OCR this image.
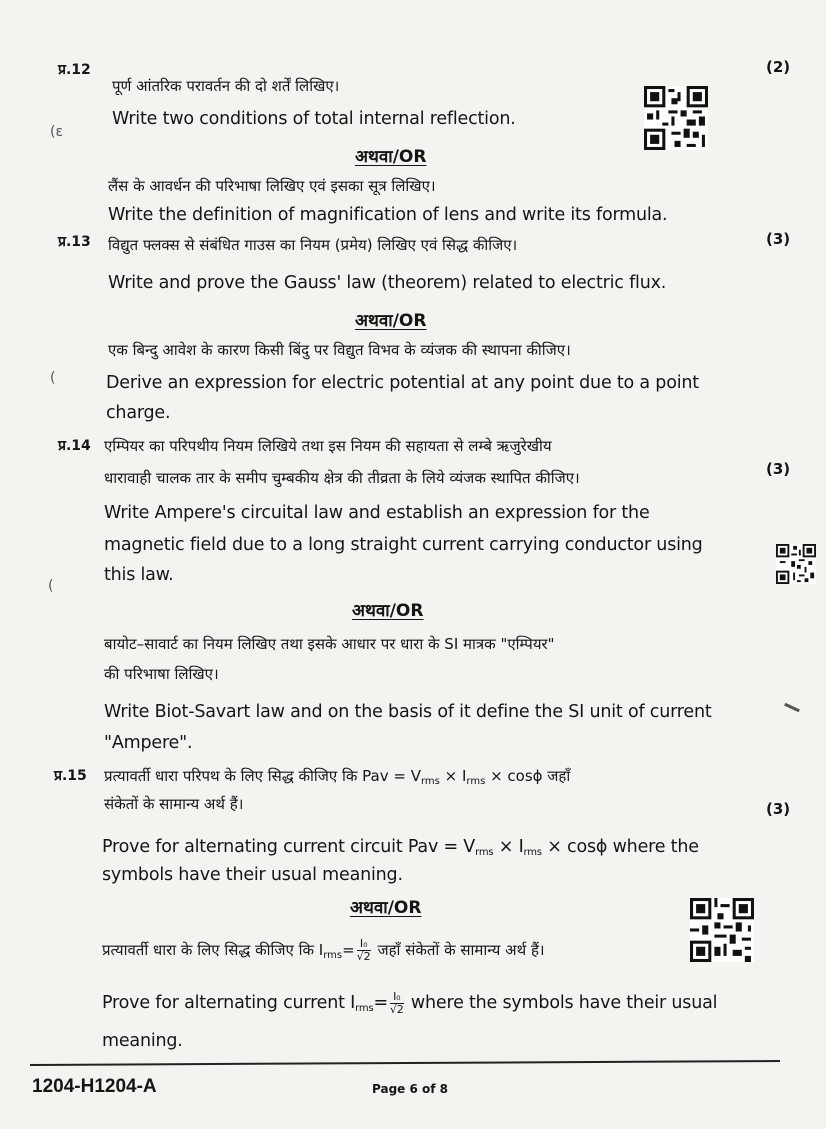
प्र.12	(2)
पूर्ण आंतरिक परावर्तन की दो शर्तें लिखिए।
Write two conditions of total internal reflection.
(ε
अथवा/OR
लैंस के आवर्धन की परिभाषा लिखिए एवं इसका सूत्र लिखिए।
Write the definition of magnification of lens and write its formula.
प्र.13	(3)
विद्युत फ्लक्स से संबंधित गाउस का नियम (प्रमेय) लिखिए एवं सिद्ध कीजिए।
Write and prove the Gauss' law (theorem) related to electric flux.
अथवा/OR
एक बिन्दु आवेश के कारण किसी बिंदु पर विद्युत विभव के व्यंजक की स्थापना कीजिए।
(	Derive an expression for electric potential at any point due to a point
charge.
प्र.14 एम्पियर का परिपथीय नियम लिखिये तथा इस नियम की सहायता से लम्बे ऋजुरेखीय
धारावाही चालक तार के समीप चुम्बकीय क्षेत्र की तीव्रता के लिये व्यंजक स्थापित कीजिए।	(3)
Write Ampere's circuital law and establish an expression for the
magnetic field due to a long straight current carrying conductor using
this law.
(
अथवा/OR
बायोट–सावार्ट का नियम लिखिए तथा इसके आधार पर धारा के SI मात्रक "एम्पियर"
की परिभाषा लिखिए।
Write Biot-Savart law and on the basis of it define the SI unit of current
"Ampere".
प्र.15 प्रत्यावर्ती धारा परिपथ के लिए सिद्ध कीजिए कि Pav = $V_{rms} \times I_{rms} \times \cos\phi$ जहाँ
संकेतों के सामान्य अर्थ हैं।	(3)
Prove for alternating current circuit Pav = $V_{rms} \times I_{rms} \times \cos\phi$ where the
symbols have their usual meaning.
अथवा/OR
प्रत्यावर्ती धारा के लिए सिद्ध कीजिए कि $I_{rms}= \frac{\text{I₀}}{√2}$ जहाँ संकेतों के सामान्य अर्थ हैं।
Prove for alternating current $I_{rms}= \frac{\text{I₀}}{√2}$ where the symbols have their usual
meaning.
1204-H1204-A	Page 6 of 8
